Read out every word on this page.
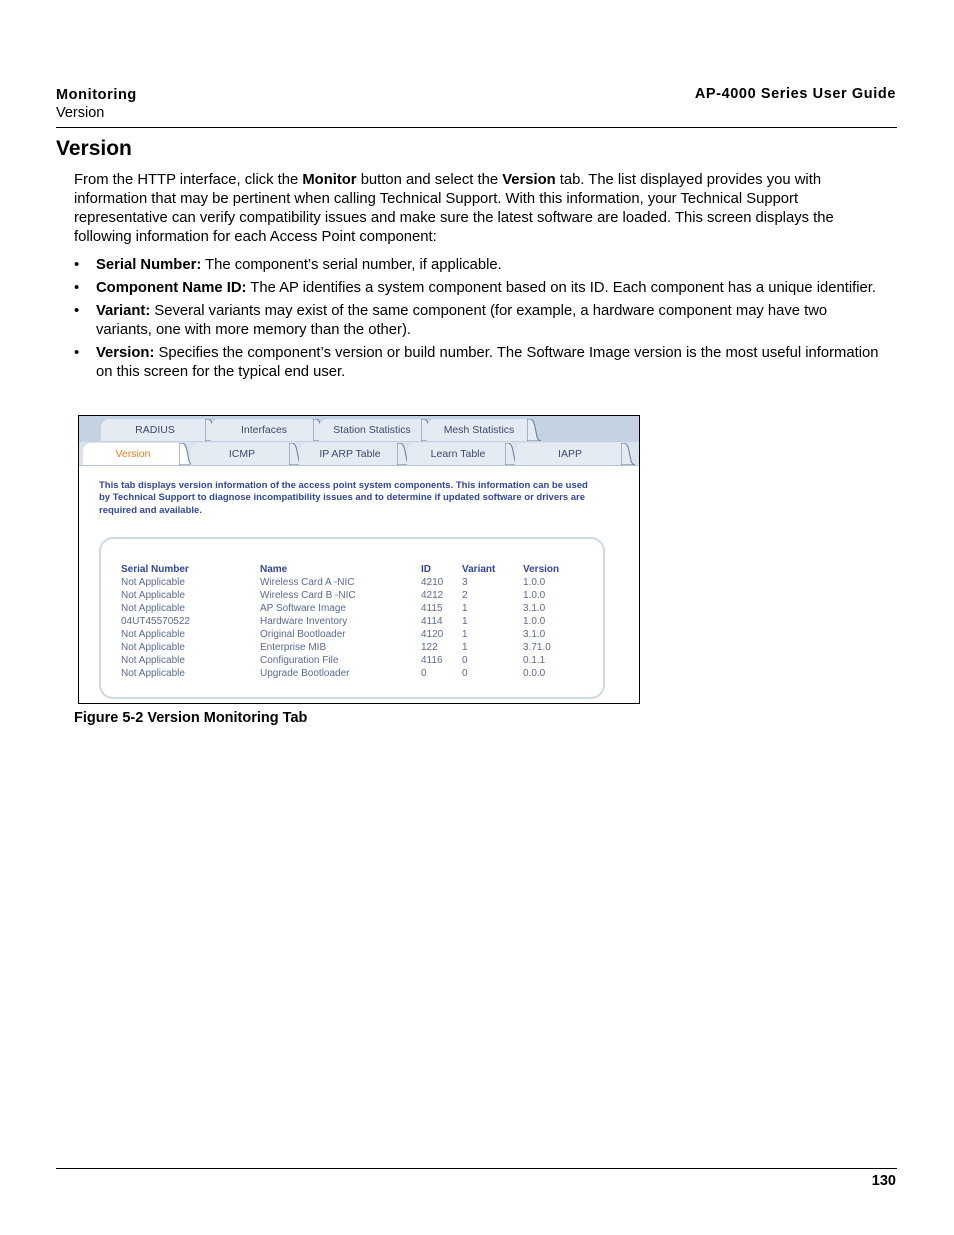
Monitoring
Version
AP-4000 Series User Guide
Version

From the HTTP interface, click the Monitor button and select the Version tab. The list displayed provides you with information that may be pertinent when calling Technical Support. With this information, your Technical Support representative can verify compatibility issues and make sure the latest software are loaded. This screen displays the following information for each Access Point component:

• Serial Number: The component’s serial number, if applicable.
• Component Name ID: The AP identifies a system component based on its ID. Each component has a unique identifier.
• Variant: Several variants may exist of the same component (for example, a hardware component may have two variants, one with more memory than the other).
• Version: Specifies the component’s version or build number. The Software Image version is the most useful information on this screen for the typical end user.
RADIUS	Interfaces	Station Statistics	Mesh Statistics
Version	ICMP	IP ARP Table	Learn Table	IAPP
This tab displays version information of the access point system components. This information can be used by Technical Support to diagnose incompatibility issues and to determine if updated software or drivers are required and available.
Serial Number	Name	ID	Variant	Version
Not Applicable	Wireless Card A -NIC	4210	3	1.0.0
Not Applicable	Wireless Card B -NIC	4212	2	1.0.0
Not Applicable	AP Software Image	4115	1	3.1.0
04UT45570522	Hardware Inventory	4114	1	1.0.0
Not Applicable	Original Bootloader	4120	1	3.1.0
Not Applicable	Enterprise MIB	122	1	3.71.0
Not Applicable	Configuration File	4116	0	0.1.1
Not Applicable	Upgrade Bootloader	0	0	0.0.0
Figure 5-2 Version Monitoring Tab
130
